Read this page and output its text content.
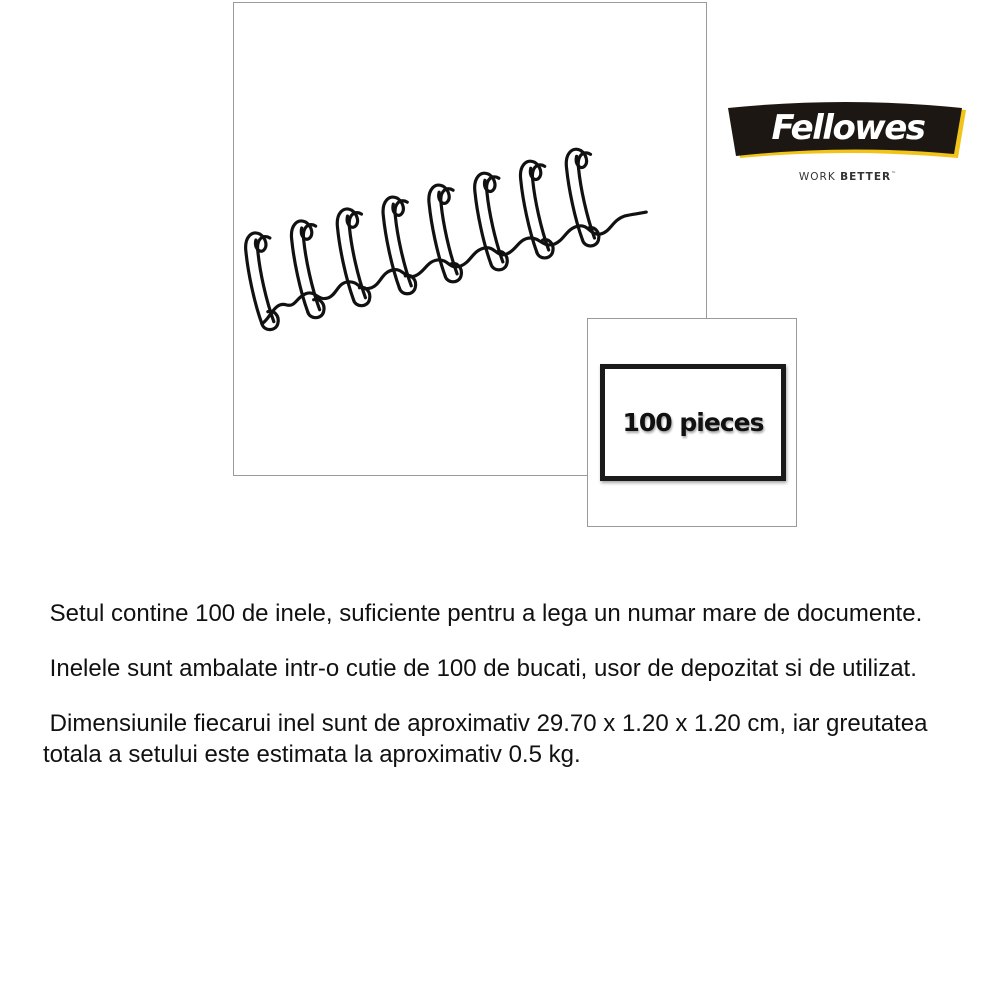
Fellowes
WORK BETTER™
100 pieces

Setul contine 100 de inele, suficiente pentru a lega un numar mare de documente.

Inelele sunt ambalate intr-o cutie de 100 de bucati, usor de depozitat si de utilizat.

Dimensiunile fiecarui inel sunt de aproximativ 29.70 x 1.20 x 1.20 cm, iar greutatea totala a setului este estimata la aproximativ 0.5 kg.
